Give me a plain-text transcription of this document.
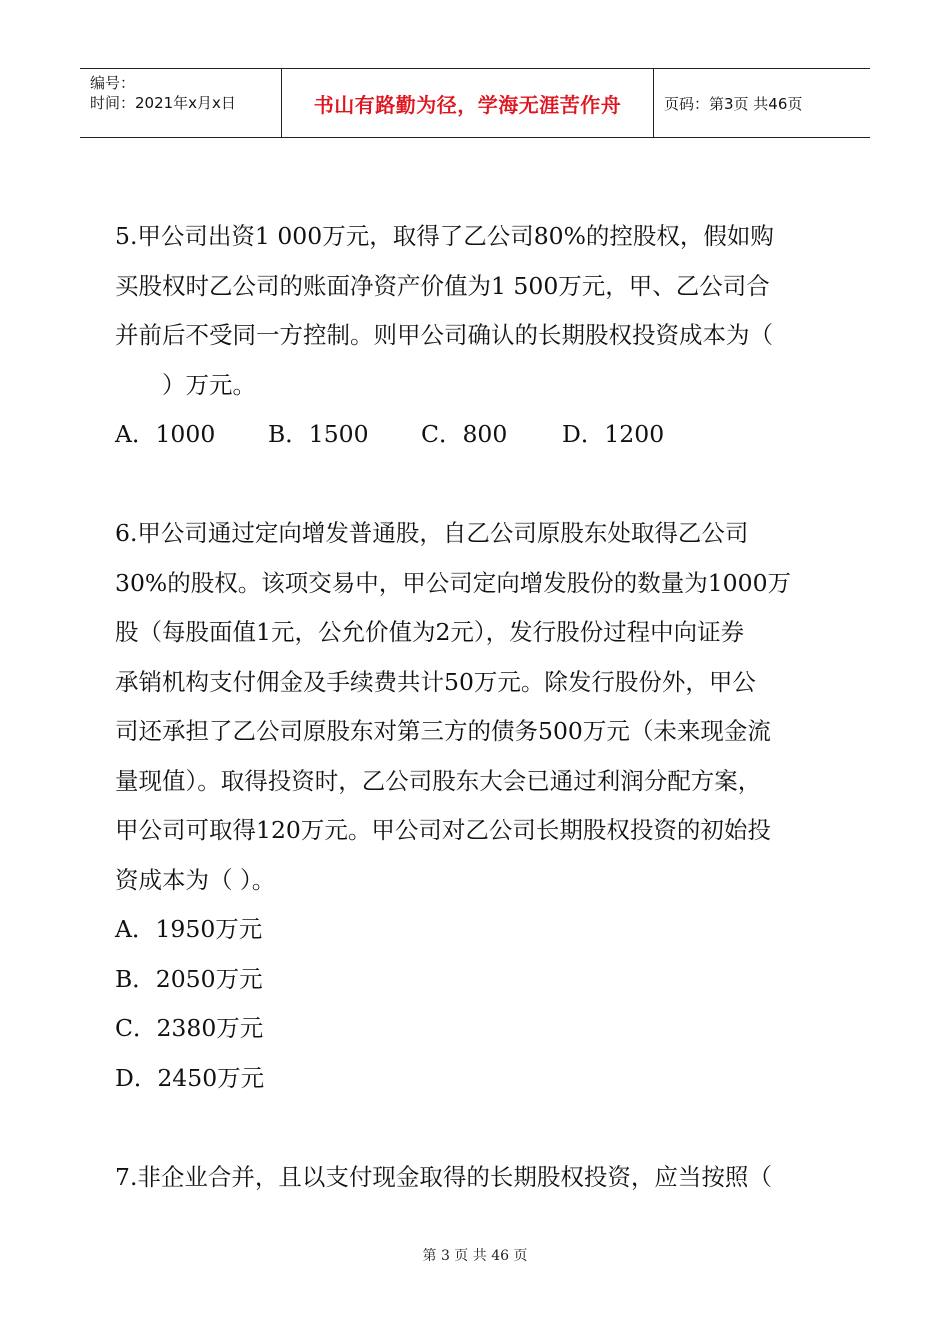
编号：
时间：2021年x月x日	书山有路勤为径，学海无涯苦作舟	页码：第3页 共46页

5.甲公司出资1 000万元，取得了乙公司80%的控股权，假如购

买股权时乙公司的账面净资产价值为1 500万元，甲、乙公司合

并前后不受同一方控制。则甲公司确认的长期股权投资成本为（

　　）万元。

A．1000	B．1500	C．800	D．1200

6.甲公司通过定向增发普通股，自乙公司原股东处取得乙公司

30%的股权。该项交易中，甲公司定向增发股份的数量为1000万

股（每股面值1元，公允价值为2元），发行股份过程中向证券

承销机构支付佣金及手续费共计50万元。除发行股份外，甲公

司还承担了乙公司原股东对第三方的债务500万元（未来现金流

量现值）。取得投资时，乙公司股东大会已通过利润分配方案，

甲公司可取得120万元。甲公司对乙公司长期股权投资的初始投

资成本为（ ）。

A．1950万元

B．2050万元

C．2380万元

D．2450万元

7.非企业合并，且以支付现金取得的长期股权投资，应当按照（

第 3 页 共 46 页
